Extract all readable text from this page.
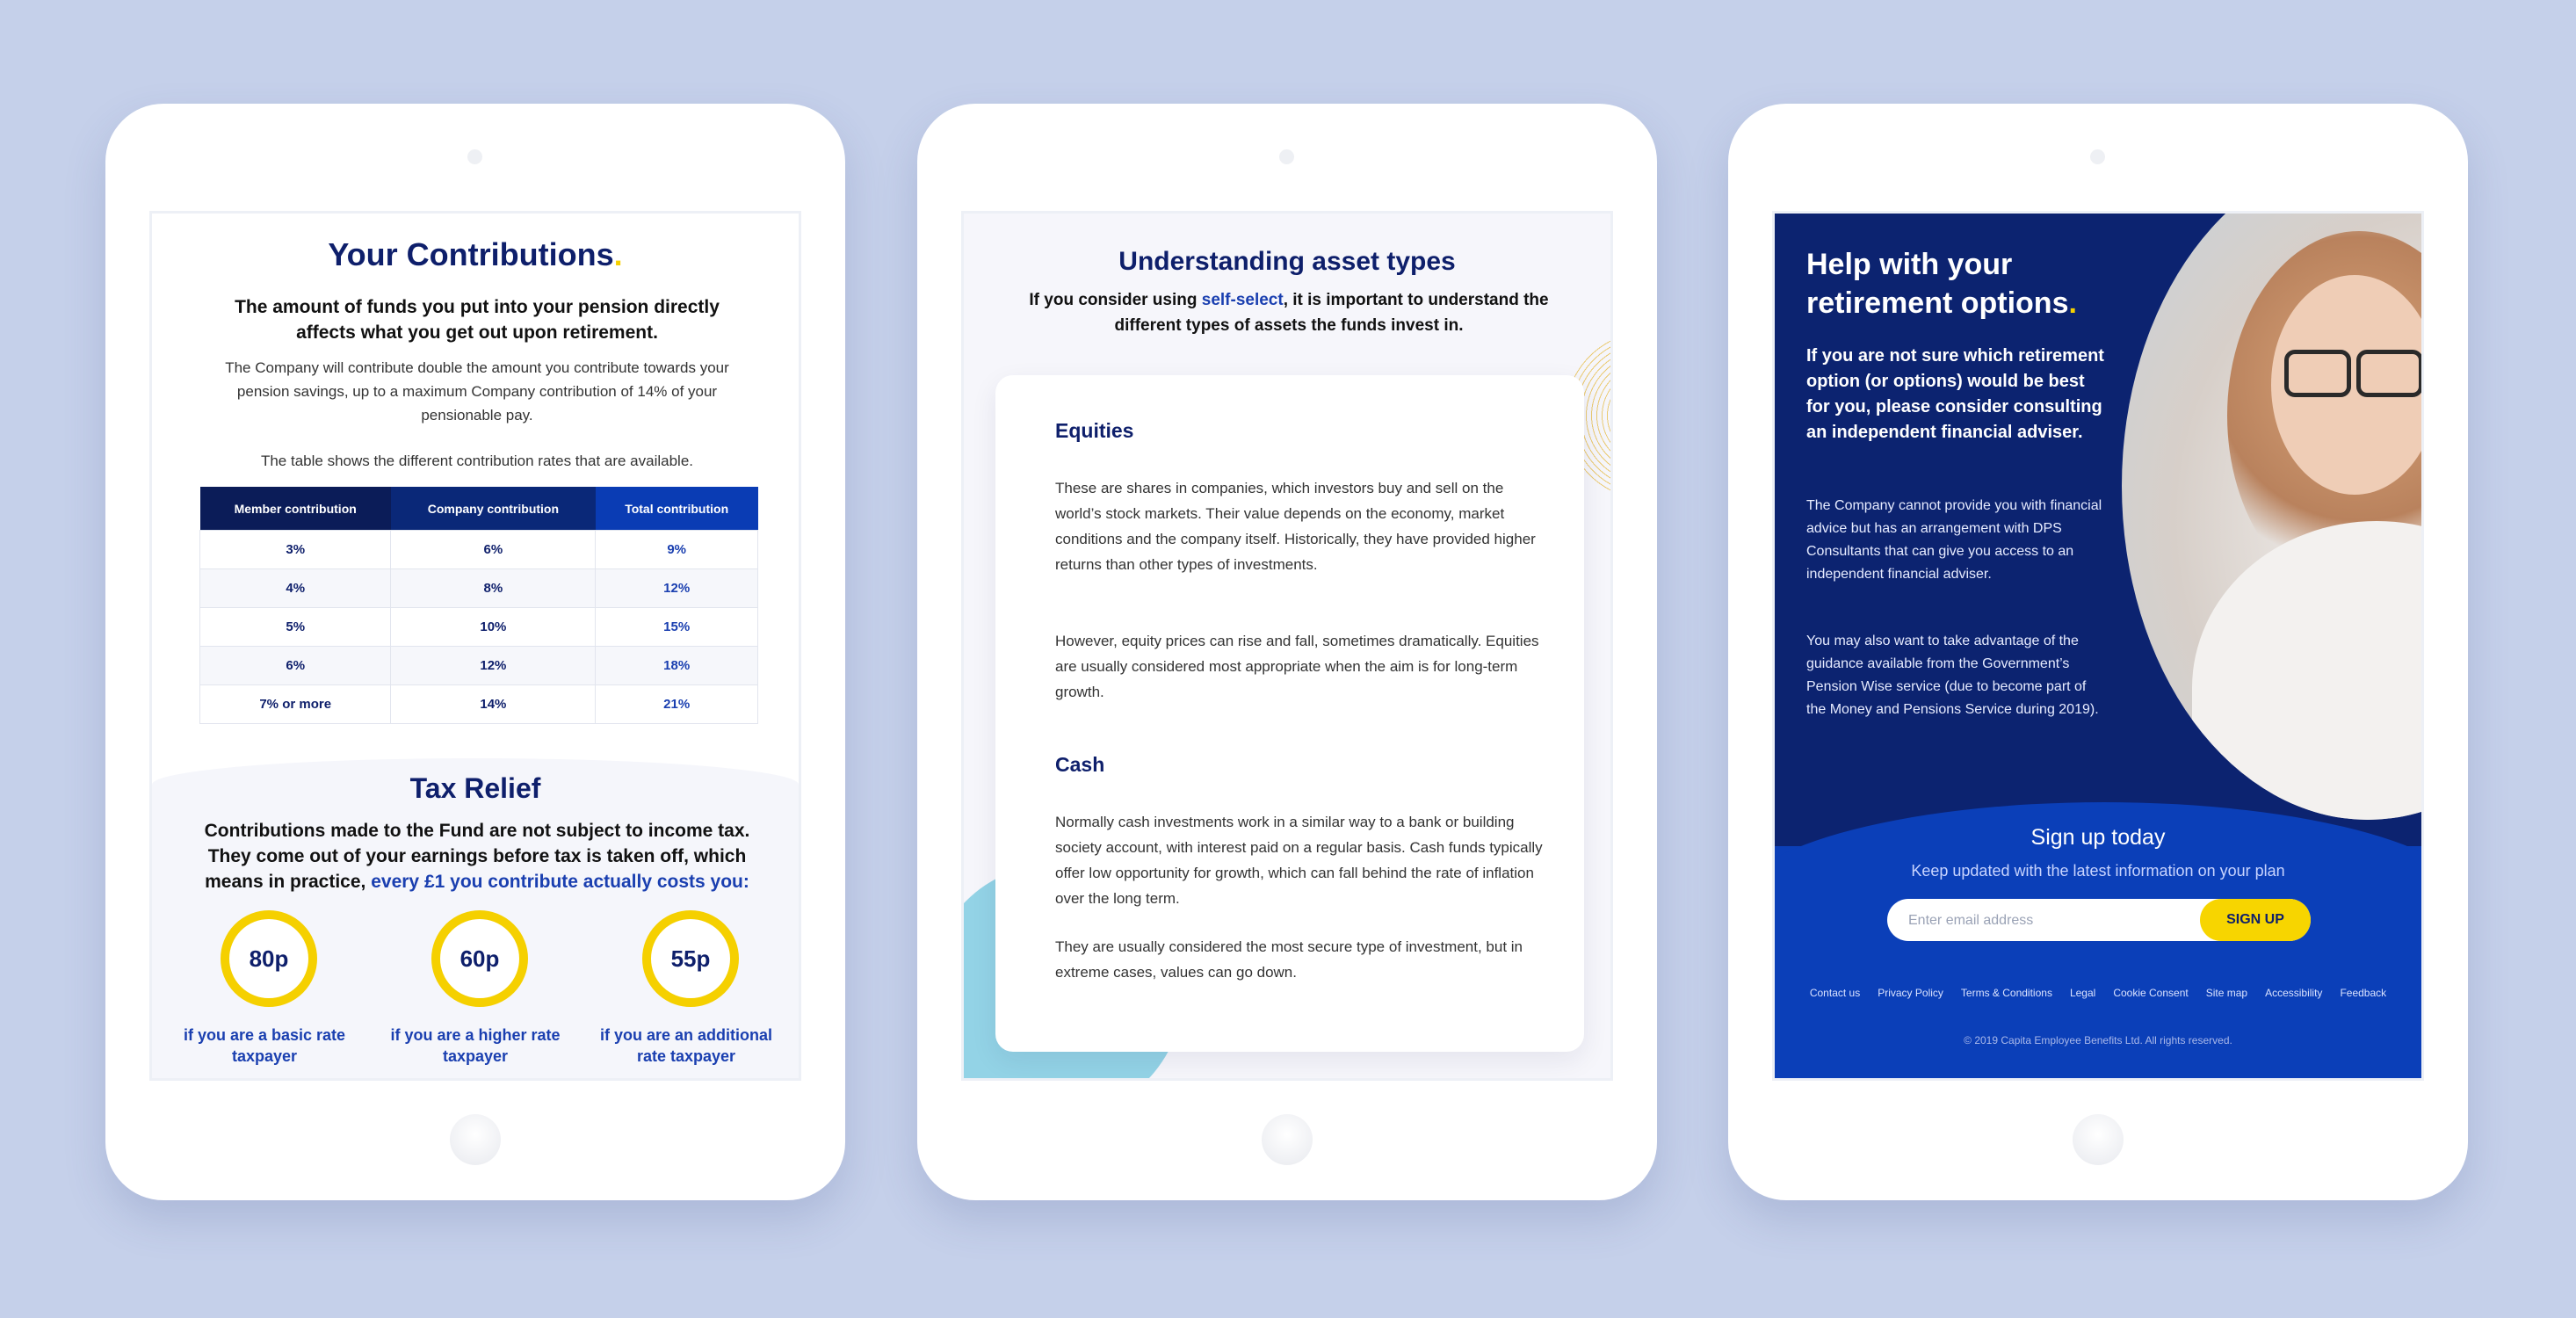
Your Contributions.
The amount of funds you put into your pension directly affects what you get out upon retirement.
The Company will contribute double the amount you contribute towards your pension savings, up to a maximum Company contribution of 14% of your pensionable pay.
The table shows the different contribution rates that are available.
Member contribution	Company contribution	Total contribution
3%	6%	9%
4%	8%	12%
5%	10%	15%
6%	12%	18%
7% or more	14%	21%
Tax Relief
Contributions made to the Fund are not subject to income tax. They come out of your earnings before tax is taken off, which means in practice, every £1 you contribute actually costs you:
80p
if you are a basic rate taxpayer
60p
if you are a higher rate taxpayer
55p
if you are an additional rate taxpayer
Understanding asset types
If you consider using self-select, it is important to understand the different types of assets the funds invest in.
Equities
These are shares in companies, which investors buy and sell on the world’s stock markets. Their value depends on the economy, market conditions and the company itself. Historically, they have provided higher returns than other types of investments.
However, equity prices can rise and fall, sometimes dramatically. Equities are usually considered most appropriate when the aim is for long-term growth.
Cash
Normally cash investments work in a similar way to a bank or building society account, with interest paid on a regular basis. Cash funds typically offer low opportunity for growth, which can fall behind the rate of inflation over the long term.
They are usually considered the most secure type of investment, but in extreme cases, values can go down.
Help with your retirement options.
If you are not sure which retirement option (or options) would be best for you, please consider consulting an independent financial adviser.
The Company cannot provide you with financial advice but has an arrangement with DPS Consultants that can give you access to an independent financial adviser.
You may also want to take advantage of the guidance available from the Government’s Pension Wise service (due to become part of the Money and Pensions Service during 2019).
Sign up today
Keep updated with the latest information on your plan
Enter email address
SIGN UP
Contact us Privacy Policy Terms & Conditions Legal Cookie Consent Site map Accessibility Feedback
© 2019 Capita Employee Benefits Ltd. All rights reserved.
